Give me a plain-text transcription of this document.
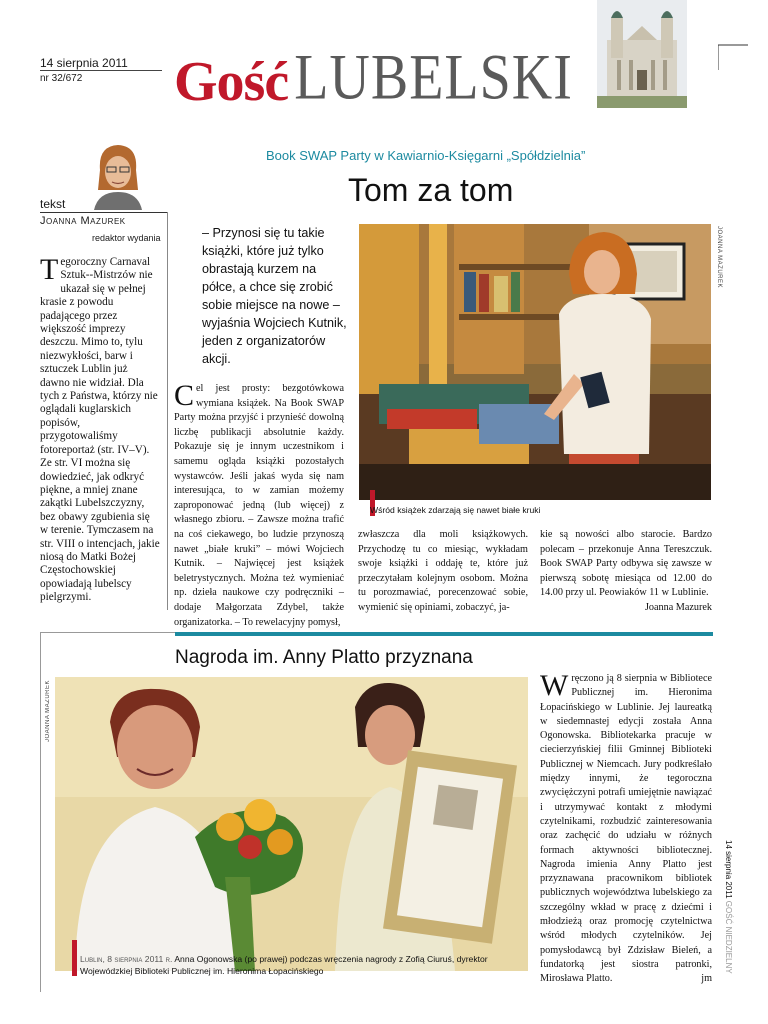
14 sierpnia 2011
nr 32/672 Gość LUBELSKI
tekst
Joanna Mazurek
redaktor wydania
Tegoroczny Carnaval Sztuk--Mistrzów nie ukazał się w pełnej krasie z powodu padającego przez większość imprezy deszczu. Mimo to, tylu niezwykłości, barw i sztuczek Lublin już dawno nie widział. Dla tych z Państwa, którzy nie oglądali kuglarskich popisów, przygotowaliśmy fotoreportaż (str. IV–V). Ze str. VI można się dowiedzieć, jak odkryć piękne, a mniej znane zakątki Lubelszczyzny, bez obawy zgubienia się w terenie. Tymczasem na str. VIII o intencjach, jakie niosą do Matki Bożej Częstochowskiej opowiadają lubelscy pielgrzymi.
Book SWAP Party w Kawiarnio-Księgarni „Spółdzielnia”
Tom za tom
– Przynosi się tu takie książki, które już tylko obrastają kurzem na półce, a chce się zrobić sobie miejsce na nowe – wyjaśnia Wojciech Kutnik, jeden z organizatorów akcji.
JOANNA MAZUREK
Wśród książek zdarzają się nawet białe kruki
Cel jest prosty: bezgotówkowa wymiana książek. Na Book SWAP Party można przyjść i przynieść dowolną liczbę publikacji absolutnie każdy. Pokazuje się je innym uczestnikom i samemu ogląda książki pozostałych wystawców. Jeśli jakaś wyda się nam interesująca, to w zamian możemy zaproponować jedną (lub więcej) z własnego zbioru. – Zawsze można trafić na coś ciekawego, bo ludzie przynoszą nawet „białe kruki” – mówi Wojciech Kutnik. – Najwięcej jest książek beletrystycznych. Można też wymieniać np. dzieła naukowe czy podręczniki – dodaje Małgorzata Zdybel, także organizatorka. – To rewelacyjny pomysł,
zwłaszcza dla moli książkowych. Przychodzę tu co miesiąc, wykładam swoje książki i oddaję te, które już przeczytałam kolejnym osobom. Można tu porozmawiać, porecenzować sobie, wymienić się opiniami, zobaczyć, ja-
kie są nowości albo starocie. Bardzo polecam – przekonuje Anna Tereszczuk. Book SWAP Party odbywa się zawsze w pierwszą sobotę miesiąca od 12.00 do 14.00 przy ul. Peowiaków 11 w Lublinie.
Joanna Mazurek
Nagroda im. Anny Platto przyznana
JOANNA MAZUREK
Lublin, 8 sierpnia 2011 r. Anna Ogonowska (po prawej) podczas wręczenia nagrody z Zofią Ciuruś, dyrektor Wojewódzkiej Biblioteki Publicznej im. Hieronima Łopacińskiego
Wręczono ją 8 sierpnia w Bibliotece Publicznej im. Hieronima Łopacińskiego w Lublinie. Jej laureatką w siedemnastej edycji została Anna Ogonowska. Bibliotekarka pracuje w ciecierzyńskiej filii Gminnej Biblioteki Publicznej w Niemcach. Jury podkreślało między innymi, że tegoroczna zwyciężczyni potrafi umiejętnie nawiązać i utrzymywać kontakt z młodymi czytelnikami, rozbudzić zainteresowania oraz zachęcić do udziału w różnych formach aktywności bibliotecznej. Nagroda imienia Anny Platto jest przyznawana pracownikom bibliotek publicznych województwa lubelskiego za szczególny wkład w pracę z dziećmi i młodzieżą oraz promocję czytelnictwa wśród młodych czytelników. Jej pomysłodawcą był Zdzisław Bieleń, a fundatorką jest siostra patronki, Mirosława Platto.	jm
14 sierpnia 2011 GOŚĆ NIEDZIELNY
